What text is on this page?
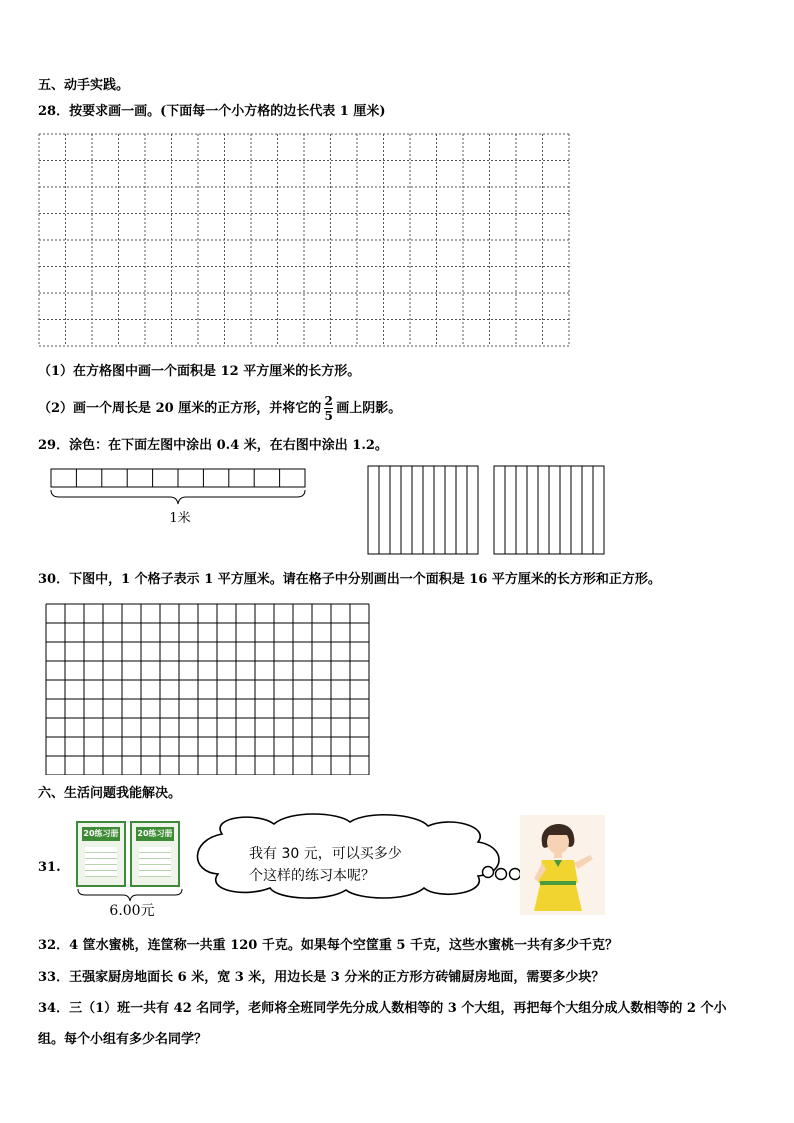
五、动手实践。
28．按要求画一画。(下面每一个小方格的边长代表 1 厘米)
（1）在方格图中画一个面积是 12 平方厘米的长方形。
（2）画一个周长是 20 厘米的正方形，并将它的 $\frac{2}{5}$ 画上阴影。
29．涂色：在下面左图中涂出 0.4 米，在右图中涂出 1.2。
1米
30．下图中，1 个格子表示 1 平方厘米。请在格子中分别画出一个面积是 16 平方厘米的长方形和正方形。
六、生活问题我能解决。
31.
20练习册 20练习册
6.00元
我有 30 元，可以买多少
个这样的练习本呢？
32．4 筐水蜜桃，连筐称一共重 120 千克。如果每个空筐重 5 千克，这些水蜜桃一共有多少千克？
33．王强家厨房地面长 6 米，宽 3 米，用边长是 3 分米的正方形方砖铺厨房地面，需要多少块？
34．三（1）班一共有 42 名同学，老师将全班同学先分成人数相等的 3 个大组，再把每个大组分成人数相等的 2 个小
组。每个小组有多少名同学？
